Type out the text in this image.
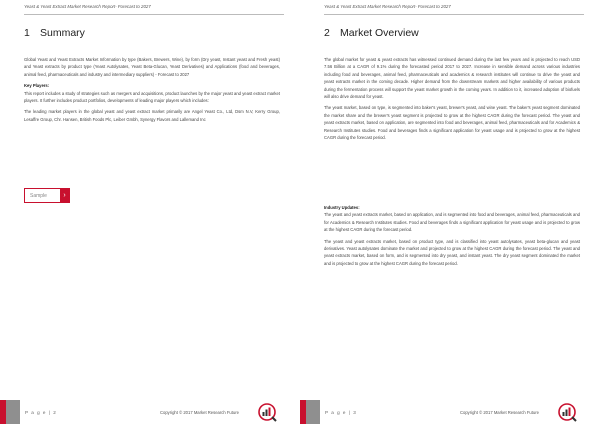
Yeast & Yeast Extract Market Research Report- Forecast to 2027
1 Summary

Global Yeast and Yeast Extracts Market Information by type (Bakers, Brewers, Wine), by form (Dry yeast, Instant yeast and Fresh yeast) and Yeast extracts by product type (Yeast Autolysates, Yeast Beta-Glucan, Yeast Derivatives) and Applications (food and beverages, animal feed, pharmaceuticals and industry and intermediary suppliers) - Forecast to 2027

Key Players:

This report includes a study of strategies such as mergers and acquisitions, product launches by the major yeast and yeast extract market players. It further includes product portfolios, developments of leading major players which includes:

The leading market players in the global yeast and yeast extract market primarily are Angel Yeast Co., Ltd, Dsm N.V, Kerry Group, Lesaffre Group, Chr. Hansen, British Foods Plc, Leiber Gmbh, Synergy Flavors and Lallemand Inc

Sample	›
P a g e | 2	Copyright © 2017 Market Research Future
Yeast & Yeast Extract Market Research Report- Forecast to 2027
2 Market Overview

The global market for yeast & yeast extracts has witnessed continued demand during the last few years and is projected to reach USD 7.56 Billion at a CAGR of 9.1% during the forecasted period 2017 to 2027. Increase in sensible demand across various industries including food and beverages, animal feed, pharmaceuticals and academics & research institutes will continue to drive the yeast and yeast extracts market in the coming decade. Higher demand from the downstream markets and higher availability of various products during the fermentation process will support the yeast market growth in the coming years. In addition to it, increased adoption of biofuels will also drive demand for yeast.

The yeast market, based on type, is segmented into baker's yeast, brewer's yeast, and wine yeast. The baker's yeast segment dominated the market share and the brewer's yeast segment is projected to grow at the highest CAGR during the forecast period. The yeast and yeast extracts market, based on application, are segmented into food and beverages, animal feed, pharmaceuticals and for Academics & Research Institutes studies. Food and beverages finds a significant application for yeast usage and is projected to grow at the highest CAGR during the forecast period.

Industry Updates:

The yeast and yeast extracts market, based on application, and is segmented into food and beverages, animal feed, pharmaceuticals and for Academics & Research Institutes studies. Food and beverages finds a significant application for yeast usage and is projected to grow at the highest CAGR during the forecast period.

The yeast and yeast extracts market, based on product type, and is classified into yeast autolysates, yeast beta-glucan and yeast derivatives. Yeast autolysates dominate the market and projected to grow at the highest CAGR during the forecast period. The yeast and yeast extracts market, based on form, and is segmented into dry yeast, and instant yeast. The dry yeast segment dominated the market and is projected to grow at the highest CAGR during the forecast period.

P a g e | 3	Copyright © 2017 Market Research Future
